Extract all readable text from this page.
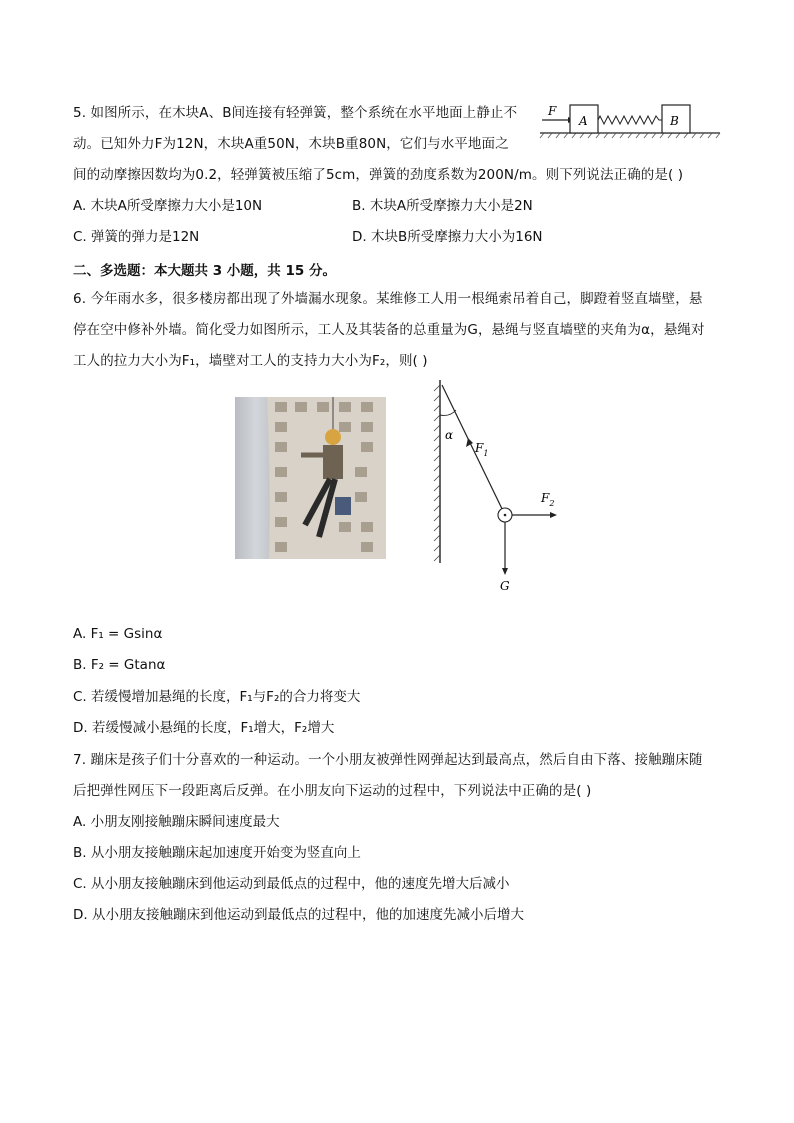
5. 如图所示，在木块A、B间连接有轻弹簧，整个系统在水平地面上静止不
动。已知外力F为12N，木块A重50N，木块B重80N，它们与水平地面之
间的动摩擦因数均为0.2，轻弹簧被压缩了5cm，弹簧的劲度系数为200N/m。则下列说法正确的是( )
F
A	B
A. 木块A所受摩擦力大小是10N	B. 木块A所受摩擦力大小是2N
C. 弹簧的弹力是12N	D. 木块B所受摩擦力大小为16N
二、多选题：本大题共 3 小题，共 15 分。
6. 今年雨水多，很多楼房都出现了外墙漏水现象。某维修工人用一根绳索吊着自己，脚蹬着竖直墙壁，悬
停在空中修补外墙。简化受力如图所示，工人及其装备的总重量为G，悬绳与竖直墙壁的夹角为α，悬绳对
工人的拉力大小为F₁，墙壁对工人的支持力大小为F₂，则( )
α
$F_1$
$F_2$
G
A. F₁ = Gsinα
B. F₂ = Gtanα
C. 若缓慢增加悬绳的长度，F₁与F₂的合力将变大
D. 若缓慢减小悬绳的长度，F₁增大，F₂增大
7. 蹦床是孩子们十分喜欢的一种运动。一个小朋友被弹性网弹起达到最高点，然后自由下落、接触蹦床随
后把弹性网压下一段距离后反弹。在小朋友向下运动的过程中，下列说法中正确的是( )
A. 小朋友刚接触蹦床瞬间速度最大
B. 从小朋友接触蹦床起加速度开始变为竖直向上
C. 从小朋友接触蹦床到他运动到最低点的过程中，他的速度先增大后减小
D. 从小朋友接触蹦床到他运动到最低点的过程中，他的加速度先减小后增大
